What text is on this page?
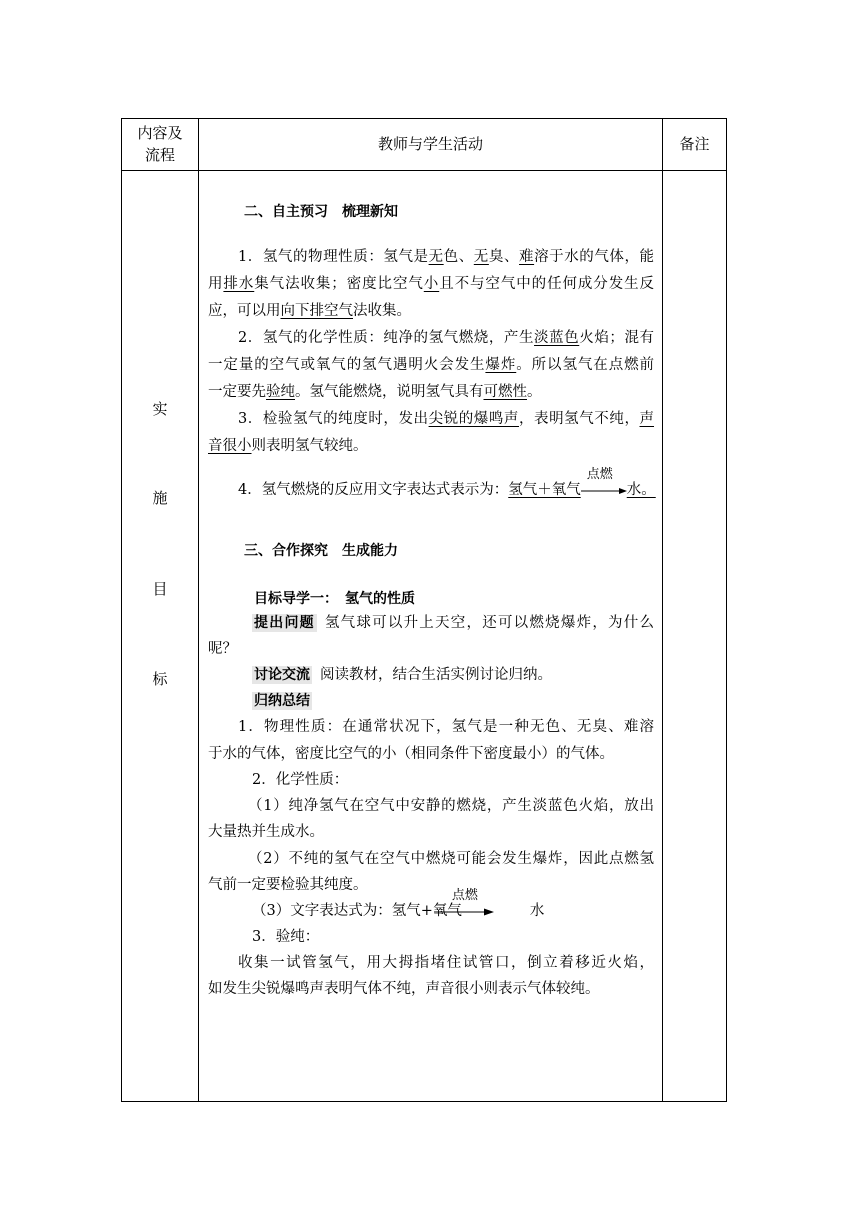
内容及
流程
教师与学生活动	备注
实
施
目
标
二、自主预习　梳理新知
1．氢气的物理性质：氢气是无色、无臭、难溶于水的气体，能
用排水集气法收集；密度比空气小且不与空气中的任何成分发生反
应，可以用向下排空气法收集。
2．氢气的化学性质：纯净的氢气燃烧，产生淡蓝色火焰；混有
一定量的空气或氧气的氢气遇明火会发生爆炸。所以氢气在点燃前
一定要先验纯。氢气能燃烧，说明氢气具有可燃性。
3．检验氢气的纯度时，发出尖锐的爆鸣声，表明氢气不纯，声
音很小则表明氢气较纯。
4．氢气燃烧的反应用文字表达式表示为：氢气＋氧气
点燃
水。
三、合作探究　生成能力
目标导学一：　氢气的性质
提出问题 氢气球可以升上天空，还可以燃烧爆炸，为什么
呢？
讨论交流 阅读教材，结合生活实例讨论归纳。
归纳总结
1．物理性质：在通常状况下，氢气是一种无色、无臭、难溶
于水的气体，密度比空气的小（相同条件下密度最小）的气体。
2．化学性质：
（1）纯净氢气在空气中安静的燃烧，产生淡蓝色火焰，放出
大量热并生成水。
（2）不纯的氢气在空气中燃烧可能会发生爆炸，因此点燃氢
气前一定要检验其纯度。
（3）文字表达式为：氢气+氧气
点燃
水
3．验纯：
收集一试管氢气，用大拇指堵住试管口，倒立着移近火焰，
如发生尖锐爆鸣声表明气体不纯，声音很小则表示气体较纯。
